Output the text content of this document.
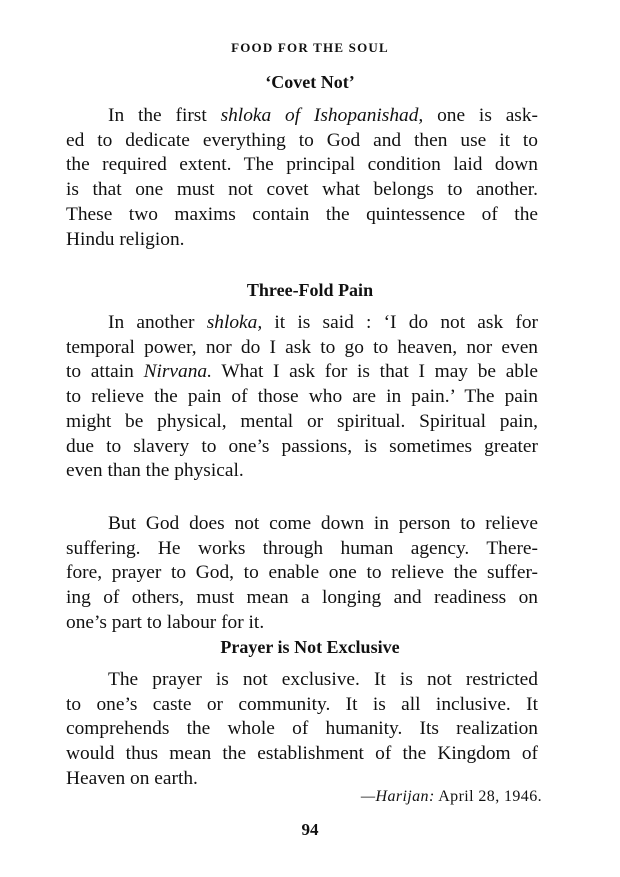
FOOD FOR THE SOUL
‘Covet Not’
In the first shloka of Ishopanishad, one is ask-
ed to dedicate everything to God and then use it to
the required extent. The principal condition laid down
is that one must not covet what belongs to another.
These two maxims contain the quintessence of the
Hindu religion.
Three-Fold Pain
In another shloka, it is said : ‘I do not ask for
temporal power, nor do I ask to go to heaven, nor even
to attain Nirvana. What I ask for is that I may be able
to relieve the pain of those who are in pain.’ The pain
might be physical, mental or spiritual. Spiritual pain,
due to slavery to one’s passions, is sometimes greater
even than the physical.
But God does not come down in person to relieve
suffering. He works through human agency. There-
fore, prayer to God, to enable one to relieve the suffer-
ing of others, must mean a longing and readiness on
one’s part to labour for it.
Prayer is Not Exclusive
The prayer is not exclusive. It is not restricted
to one’s caste or community. It is all inclusive. It
comprehends the whole of humanity. Its realization
would thus mean the establishment of the Kingdom of
Heaven on earth.
—Harijan: April 28, 1946.
94
